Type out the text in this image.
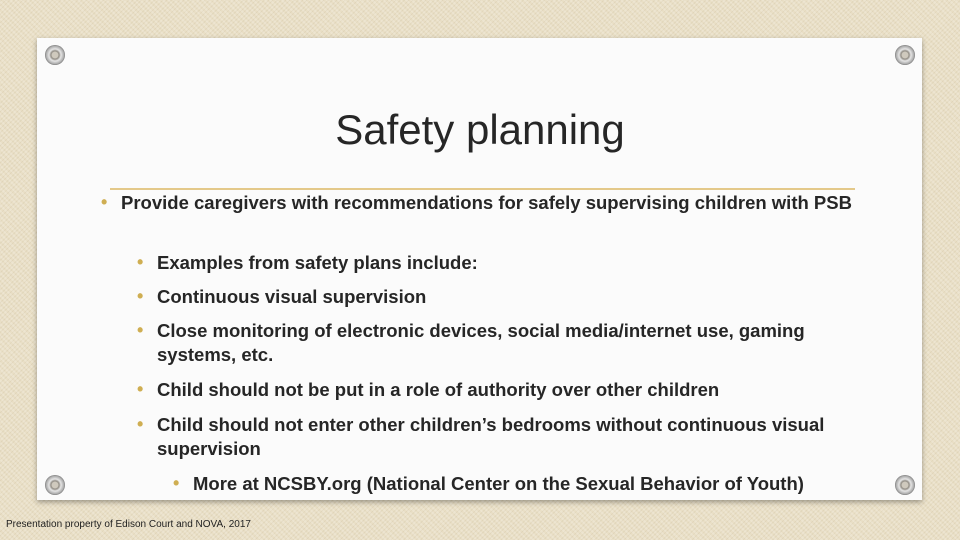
Safety planning
• Provide caregivers with recommendations for safely supervising children with PSB
• Examples from safety plans include:
• Continuous visual supervision
• Close monitoring of electronic devices, social media/internet use, gaming systems, etc.
• Child should not be put in a role of authority over other children
• Child should not enter other children’s bedrooms without continuous visual supervision
• More at NCSBY.org (National Center on the Sexual Behavior of Youth)
Presentation property of Edison Court and NOVA, 2017
